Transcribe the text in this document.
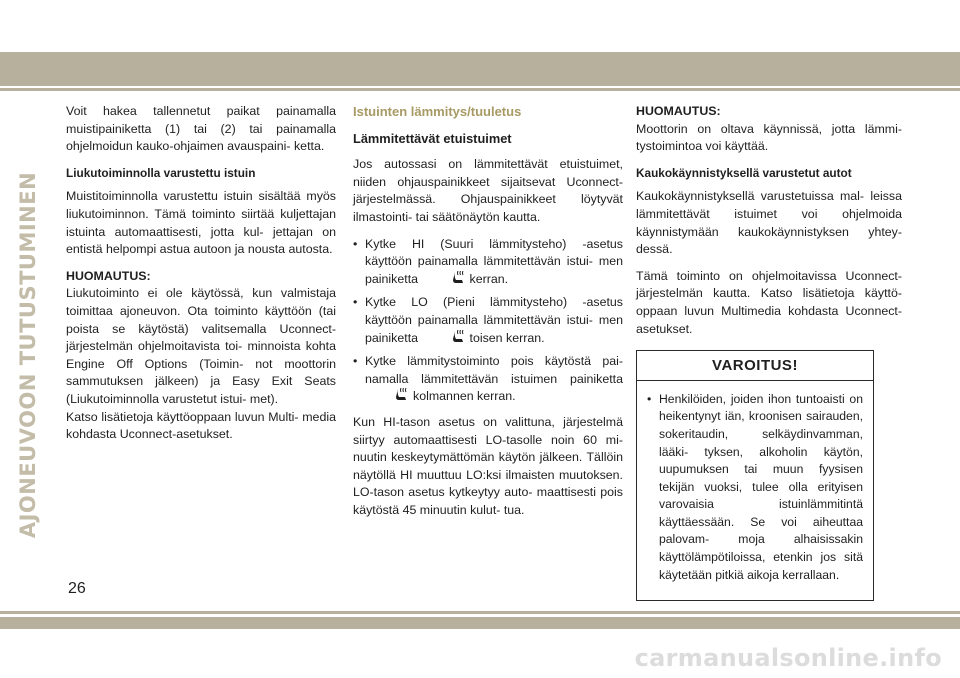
AJONEUVOON TUTUSTUMINEN

Voit hakea tallennetut paikat painamalla muistipainiketta (1) tai (2) tai painamalla ohjelmoidun kauko-ohjaimen avauspaini- ketta.

Liukutoiminnolla varustettu istuin

Muistitoiminnolla varustettu istuin sisältää myös liukutoiminnon. Tämä toiminto siirtää kuljettajan istuinta automaattisesti, jotta kul- jettajan on entistä helpompi astua autoon ja nousta autosta.

HUOMAUTUS:

Liukutoiminto ei ole käytössä, kun valmistaja toimittaa ajoneuvon. Ota toiminto käyttöön (tai poista se käytöstä) valitsemalla Uconnect-järjestelmän ohjelmoitavista toi- minnoista kohta Engine Off Options (Toimin- not moottorin sammutuksen jälkeen) ja Easy Exit Seats (Liukutoiminnolla varustetut istui- met).

Katso lisätietoja käyttöoppaan luvun Multi- media kohdasta Uconnect-asetukset.

Istuinten lämmitys/tuuletus

Lämmitettävät etuistuimet

Jos autossasi on lämmitettävät etuistuimet, niiden ohjauspainikkeet sijaitsevat Uconnect-järjestelmässä. Ohjauspainikkeet löytyvät ilmastointi- tai säätönäytön kautta.

• Kytke HI (Suuri lämmitysteho) -asetus käyttöön painamalla lämmitettävän istui- men painiketta	kerran.
• Kytke LO (Pieni lämmitysteho) -asetus käyttöön painamalla lämmitettävän istui- men painiketta	toisen kerran.
• Kytke lämmitystoiminto pois käytöstä pai- namalla lämmitettävän istuimen painiketta kolmannen kerran.

Kun HI-tason asetus on valittuna, järjestelmä siirtyy automaattisesti LO-tasolle noin 60 mi- nuutin keskeytymättömän käytön jälkeen. Tällöin näytöllä HI muuttuu LO:ksi ilmaisten muutoksen. LO-tason asetus kytkeytyy auto- maattisesti pois käytöstä 45 minuutin kulut- tua.

HUOMAUTUS:

Moottorin on oltava käynnissä, jotta lämmi- tystoimintoa voi käyttää.

Kaukokäynnistyksellä varustetut autot

Kaukokäynnistyksellä varustetuissa mal- leissa lämmitettävät istuimet voi ohjelmoida käynnistymään kaukokäynnistyksen yhtey- dessä.

Tämä toiminto on ohjelmoitavissa Uconnect- järjestelmän kautta. Katso lisätietoja käyttö- oppaan luvun Multimedia kohdasta Uconnect-asetukset.

VAROITUS!
• Henkilöiden, joiden ihon tuntoaisti on heikentynyt iän, kroonisen sairauden, sokeritaudin, selkäydinvamman, lääki- tyksen, alkoholin käytön, uupumuksen tai muun fyysisen tekijän vuoksi, tulee olla erityisen varovaisia istuinlämmitintä käyttäessään. Se voi aiheuttaa palovam- moja alhaisissakin käyttölämpötiloissa, etenkin jos sitä käytetään pitkiä aikoja kerrallaan.
26
carmanualsonline.info
